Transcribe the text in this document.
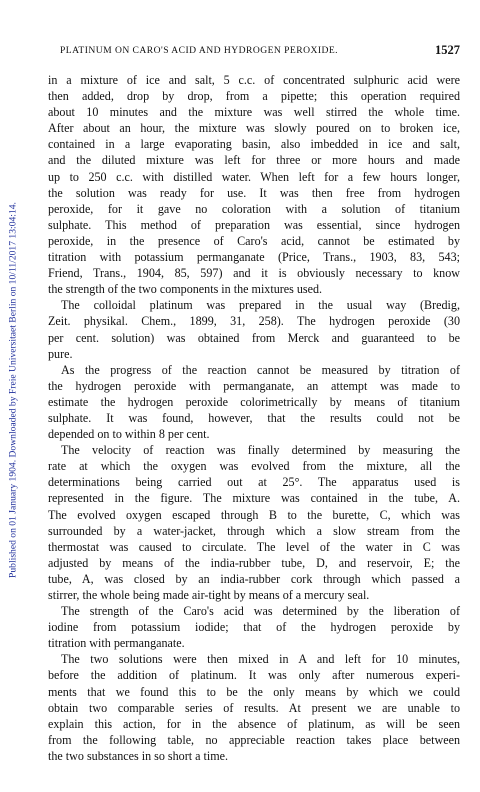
PLATINUM ON CARO'S ACID AND HYDROGEN PEROXIDE.	1527
Published on 01 January 1904. Downloaded by Freie Universitaet Berlin on 10/11/2017 13:04:14.
in a mixture of ice and salt, 5 c.c. of concentrated sulphuric acid were
then added, drop by drop, from a pipette; this operation required
about 10 minutes and the mixture was well stirred the whole time.
After about an hour, the mixture was slowly poured on to broken ice,
contained in a large evaporating basin, also imbedded in ice and salt,
and the diluted mixture was left for three or more hours and made
up to 250 c.c. with distilled water. When left for a few hours longer,
the solution was ready for use. It was then free from hydrogen
peroxide, for it gave no coloration with a solution of titanium
sulphate. This method of preparation was essential, since hydrogen
peroxide, in the presence of Caro's acid, cannot be estimated by
titration with potassium permanganate (Price, Trans., 1903, 83, 543;
Friend, Trans., 1904, 85, 597) and it is obviously necessary to know
the strength of the two components in the mixtures used.
The colloidal platinum was prepared in the usual way (Bredig,
Zeit. physikal. Chem., 1899, 31, 258). The hydrogen peroxide (30
per cent. solution) was obtained from Merck and guaranteed to be
pure.
As the progress of the reaction cannot be measured by titration of
the hydrogen peroxide with permanganate, an attempt was made to
estimate the hydrogen peroxide colorimetrically by means of titanium
sulphate. It was found, however, that the results could not be
depended on to within 8 per cent.
The velocity of reaction was finally determined by measuring the
rate at which the oxygen was evolved from the mixture, all the
determinations being carried out at 25°. The apparatus used is
represented in the figure. The mixture was contained in the tube, A.
The evolved oxygen escaped through B to the burette, C, which was
surrounded by a water-jacket, through which a slow stream from the
thermostat was caused to circulate. The level of the water in C was
adjusted by means of the india-rubber tube, D, and reservoir, E; the
tube, A, was closed by an india-rubber cork through which passed a
stirrer, the whole being made air-tight by means of a mercury seal.
The strength of the Caro's acid was determined by the liberation of
iodine from potassium iodide; that of the hydrogen peroxide by
titration with permanganate.
The two solutions were then mixed in A and left for 10 minutes,
before the addition of platinum. It was only after numerous experi-
ments that we found this to be the only means by which we could
obtain two comparable series of results. At present we are unable to
explain this action, for in the absence of platinum, as will be seen
from the following table, no appreciable reaction takes place between
the two substances in so short a time.
